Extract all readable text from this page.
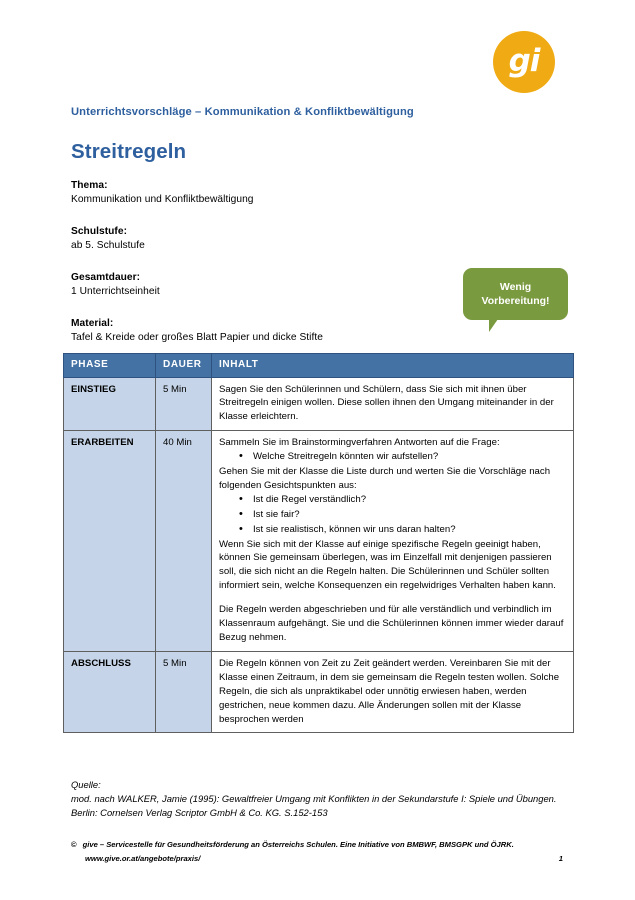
gi
Unterrichtsvorschläge – Kommunikation & Konfliktbewältigung
Streitregeln

Thema:

Kommunikation und Konfliktbewältigung

Schulstufe:

ab 5. Schulstufe

Gesamtdauer:

1 Unterrichtseinheit

Material:

Tafel & Kreide oder großes Blatt Papier und dicke Stifte

Wenig
Vorbereitung!
PHASE	DAUER	INHALT
EINSTIEG	5 Min	Sagen Sie den Schülerinnen und Schülern, dass Sie sich mit ihnen über Streitregeln einigen wollen. Diese sollen ihnen den Umgang miteinander in der Klasse erleichtern.

ERARBEITEN	40 Min	Sammeln Sie im Brainstormingverfahren Antworten auf die Frage:

• Welche Streitregeln könnten wir aufstellen?

Gehen Sie mit der Klasse die Liste durch und werten Sie die Vorschläge nach folgenden Gesichtspunkten aus:

• Ist die Regel verständlich?
• Ist sie fair?
• Ist sie realistisch, können wir uns daran halten?

Wenn Sie sich mit der Klasse auf einige spezifische Regeln geeinigt haben, können Sie gemeinsam überlegen, was im Einzelfall mit denjenigen passieren soll, die sich nicht an die Regeln halten. Die Schülerinnen und Schüler sollten informiert sein, welche Konsequenzen ein regelwidriges Verhalten haben kann.

Die Regeln werden abgeschrieben und für alle verständlich und verbindlich im Klassenraum aufgehängt. Sie und die Schülerinnen können immer wieder darauf Bezug nehmen.

ABSCHLUSS	5 Min	Die Regeln können von Zeit zu Zeit geändert werden. Vereinbaren Sie mit der Klasse einen Zeitraum, in dem sie gemeinsam die Regeln testen wollen. Solche Regeln, die sich als unpraktikabel oder unnötig erwiesen haben, werden gestrichen, neue kommen dazu. Alle Änderungen sollen mit der Klasse besprochen werden

Quelle:
mod. nach WALKER, Jamie (1995): Gewaltfreier Umgang mit Konflikten in der Sekundarstufe I: Spiele und Übungen. Berlin: Cornelsen Verlag Scriptor GmbH & Co. KG. S.152-153
© give – Servicestelle für Gesundheitsförderung an Österreichs Schulen. Eine Initiative von BMBWF, BMSGPK und ÖJRK.
www.give.or.at/angebote/praxis/	1
